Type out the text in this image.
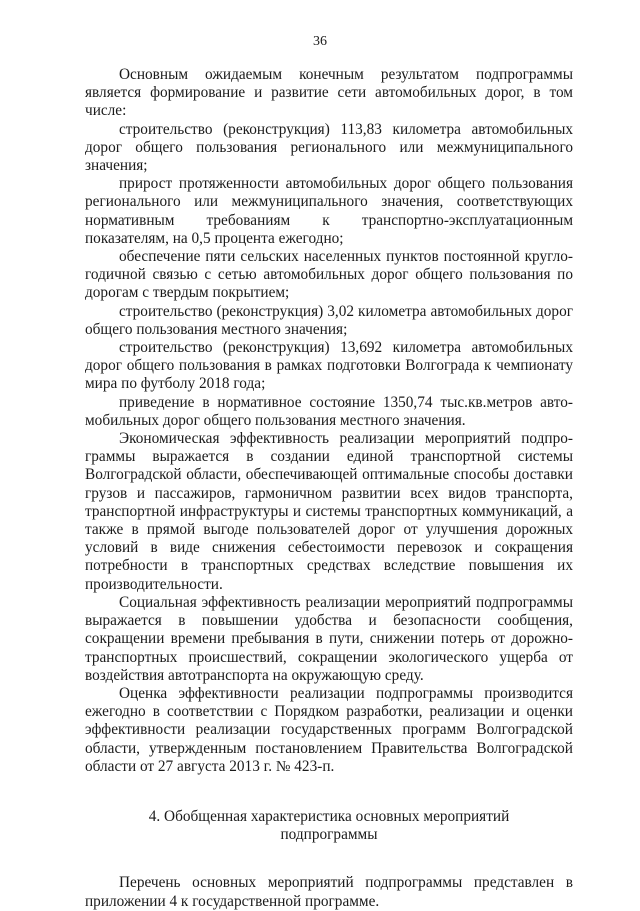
36

Основным ожидаемым конечным результатом подпрограммы является формирование и развитие сети автомобильных дорог, в том числе:

строительство (реконструкция) 113,83 километра автомобильных дорог общего пользования регионального или межмуниципального значения;

прирост протяженности автомобильных дорог общего пользования регионального или межмуниципального значения, соответствующих нормативным требованиям к транспортно-эксплуатационным показателям, на 0,5 процента ежегодно;

обеспечение пяти сельских населенных пунктов постоянной кругло-годичной связью с сетью автомобильных дорог общего пользования по дорогам с твердым покрытием;

строительство (реконструкция) 3,02 километра автомобильных дорог общего пользования местного значения;

строительство (реконструкция) 13,692 километра автомобильных дорог общего пользования в рамках подготовки Волгограда к чемпионату мира по футболу 2018 года;

приведение в нормативное состояние 1350,74 тыс.кв.метров авто-мобильных дорог общего пользования местного значения.

Экономическая эффективность реализации мероприятий подпро-граммы выражается в создании единой транспортной системы Волгоградской области, обеспечивающей оптимальные способы доставки грузов и пассажиров, гармоничном развитии всех видов транспорта, транспортной инфраструктуры и системы транспортных коммуникаций, а также в прямой выгоде пользователей дорог от улучшения дорожных условий в виде снижения себестоимости перевозок и сокращения потребности в транспортных средствах вследствие повышения их производительности.

Социальная эффективность реализации мероприятий подпрограммы выражается в повышении удобства и безопасности сообщения, сокращении времени пребывания в пути, снижении потерь от дорожно-транспортных происшествий, сокращении экологического ущерба от воздействия автотранспорта на окружающую среду.

Оценка эффективности реализации подпрограммы производится ежегодно в соответствии с Порядком разработки, реализации и оценки эффективности реализации государственных программ Волгоградской области, утвержденным постановлением Правительства Волгоградской области от 27 августа 2013 г. № 423-п.

4. Обобщенная характеристика основных мероприятий

подпрограммы

Перечень основных мероприятий подпрограммы представлен в приложении 4 к государственной программе.
